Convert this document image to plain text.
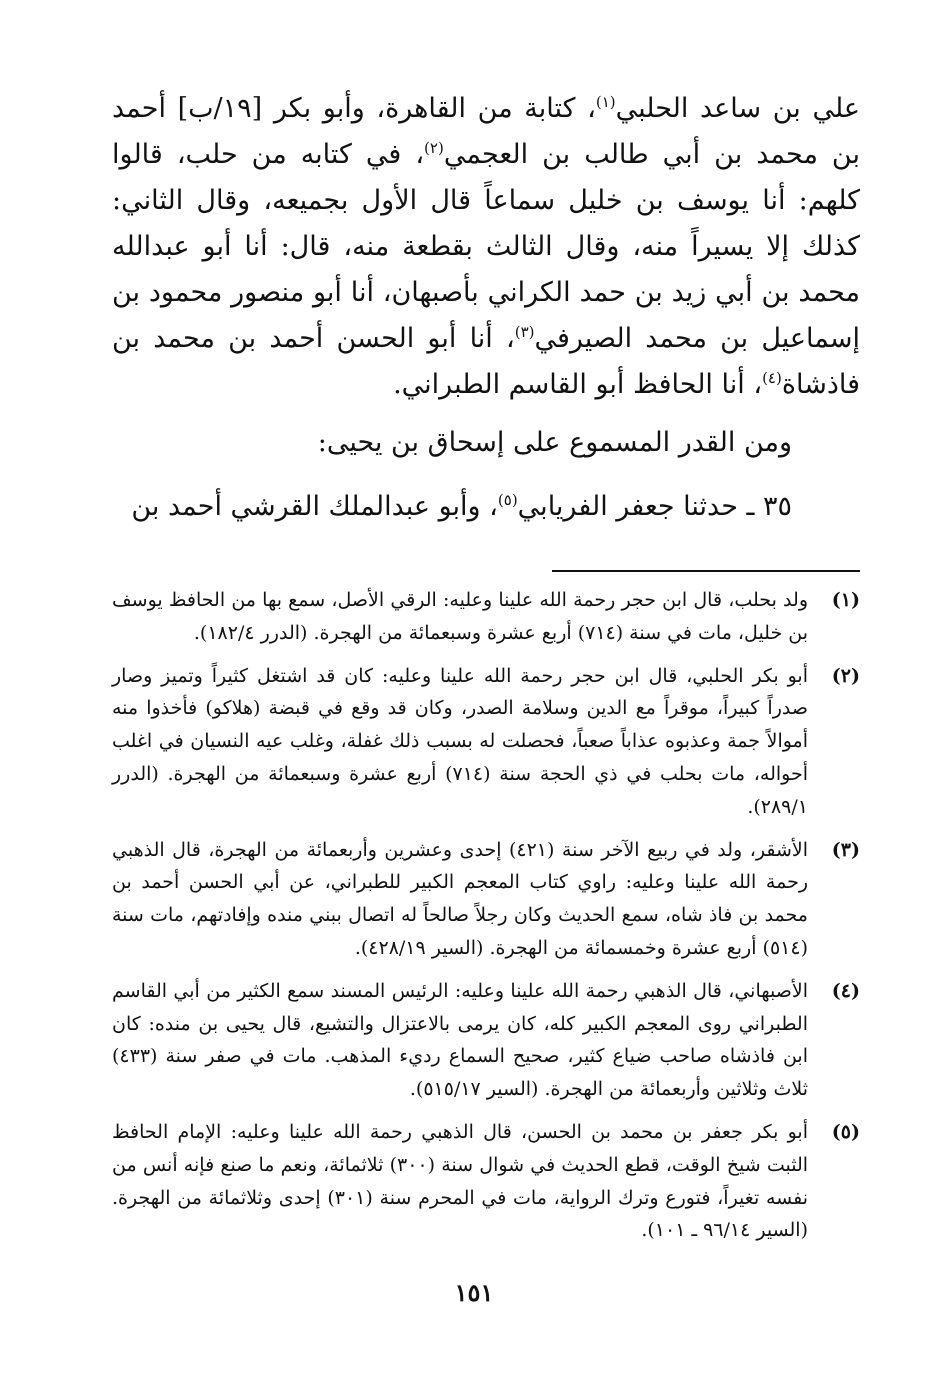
علي بن ساعد الحلبي$^{(١)}$، كتابة من القاهرة، وأبو بكر [١٩/ب] أحمد بن محمد بن أبي طالب بن العجمي$^{(٢)}$، في كتابه من حلب، قالوا كلهم: أنا يوسف بن خليل سماعاً قال الأول بجميعه، وقال الثاني: كذلك إلا يسيراً منه، وقال الثالث بقطعة منه، قال: أنا أبو عبدالله محمد بن أبي زيد بن حمد الكراني بأصبهان، أنا أبو منصور محمود بن إسماعيل بن محمد الصيرفي$^{(٣)}$، أنا أبو الحسن أحمد بن محمد بن فاذشاة$^{(٤)}$، أنا الحافظ أبو القاسم الطبراني.

ومن القدر المسموع على إسحاق بن يحيى:

٣٥ ـ حدثنا جعفر الفريابي$^{(٥)}$، وأبو عبدالملك القرشي أحمد بن

(١)
ولد بحلب، قال ابن حجر رحمة الله علينا وعليه: الرقي الأصل، سمع بها من الحافظ يوسف بن خليل، مات في سنة (٧١٤) أربع عشرة وسبعمائة من الهجرة. (الدرر ١٨٢/٤).

(٢)
أبو بكر الحلبي، قال ابن حجر رحمة الله علينا وعليه: كان قد اشتغل كثيراً وتميز وصار صدراً كبيراً، موقراً مع الدين وسلامة الصدر، وكان قد وقع في قبضة (هلاكو) فأخذوا منه أموالاً جمة وعذبوه عذاباً صعباً، فحصلت له بسبب ذلك غفلة، وغلب عيه النسيان في اغلب أحواله، مات بحلب في ذي الحجة سنة (٧١٤) أربع عشرة وسبعمائة من الهجرة. (الدرر ٢٨٩/١).

(٣)
الأشقر، ولد في ربيع الآخر سنة (٤٢١) إحدى وعشرين وأربعمائة من الهجرة، قال الذهبي رحمة الله علينا وعليه: راوي كتاب المعجم الكبير للطبراني، عن أبي الحسن أحمد بن محمد بن فاذ شاه، سمع الحديث وكان رجلاً صالحاً له اتصال ببني منده وإفادتهم، مات سنة (٥١٤) أربع عشرة وخمسمائة من الهجرة. (السير ٤٢٨/١٩).

(٤)
الأصبهاني، قال الذهبي رحمة الله علينا وعليه: الرئيس المسند سمع الكثير من أبي القاسم الطبراني روى المعجم الكبير كله، كان يرمى بالاعتزال والتشيع، قال يحيى بن منده: كان ابن فاذشاه صاحب ضياع كثير، صحيح السماع رديء المذهب. مات في صفر سنة (٤٣٣) ثلاث وثلاثين وأربعمائة من الهجرة. (السير ٥١٥/١٧).

(٥)
أبو بكر جعفر بن محمد بن الحسن، قال الذهبي رحمة الله علينا وعليه: الإمام الحافظ الثبت شيخ الوقت، قطع الحديث في شوال سنة (٣٠٠) ثلاثمائة، ونعم ما صنع فإنه أنس من نفسه تغيراً، فتورع وترك الرواية، مات في المحرم سنة (٣٠١) إحدى وثلاثمائة من الهجرة. (السير ٩٦/١٤ ـ ١٠١).

١٥١
